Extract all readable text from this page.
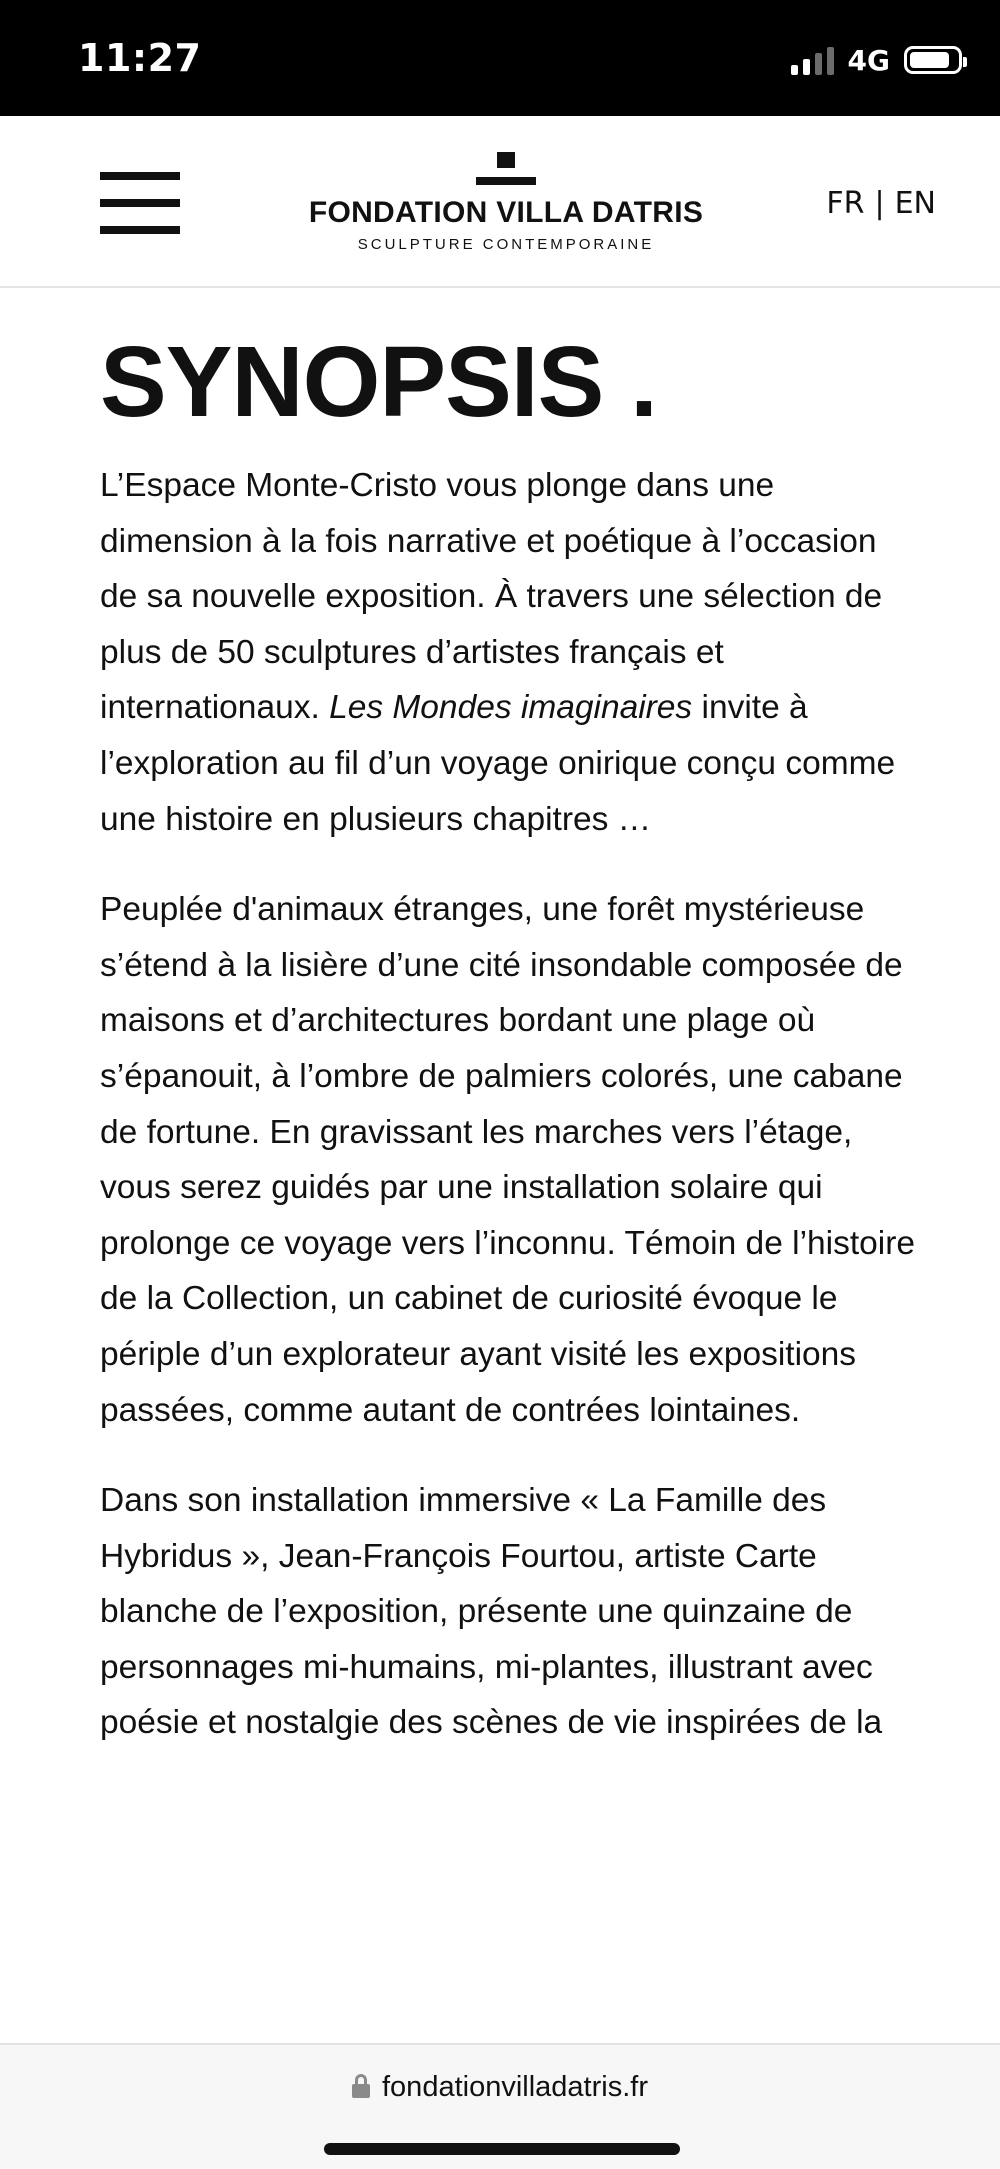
11:27	4G
FONDATION VILLA DATRIS
SCULPTURE CONTEMPORAINE
FR | EN
SYNOPSIS .

L’Espace Monte-Cristo vous plonge dans une dimension à la fois narrative et poétique à l’occasion de sa nouvelle exposition. À travers une sélection de plus de 50 sculptures d’artistes français et internationaux. Les Mondes imaginaires invite à l’exploration au fil d’un voyage onirique conçu comme une histoire en plusieurs chapitres …

Peuplée d'animaux étranges, une forêt mystérieuse s’étend à la lisière d’une cité insondable composée de maisons et d’architectures bordant une plage où s’épanouit, à l’ombre de palmiers colorés, une cabane de fortune. En gravissant les marches vers l’étage, vous serez guidés par une installation solaire qui prolonge ce voyage vers l’inconnu. Témoin de l’histoire de la Collection, un cabinet de curiosité évoque le périple d’un explorateur ayant visité les expositions passées, comme autant de contrées lointaines.

Dans son installation immersive « La Famille des Hybridus », Jean-François Fourtou, artiste Carte blanche de l’exposition, présente une quinzaine de personnages mi-humains, mi-plantes, illustrant avec poésie et nostalgie des scènes de vie inspirées de la

fondationvilladatris.fr
